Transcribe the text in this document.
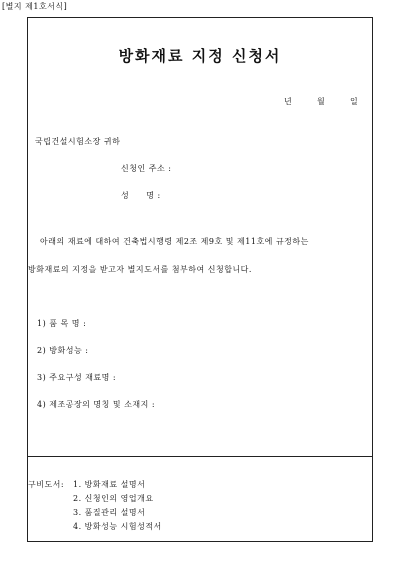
[별지 제1호서식]
방화재료 지정 신청서
년	월	일
국립건설시험소장 귀하
신청인 주소 :
성　　명 :
아래의 재료에 대하여 건축법시행령 제2조 제9호 및 제11호에 규정하는
방화재료의 지정을 받고자 별지도서를 첨부하여 신청합니다.
1) 품 목 명 :
2) 방화성능 :
3) 주요구성 재료명 :
4) 제조공장의 명칭 및 소재지 :
구비도서: 1. 방화재료 설명서
2. 신청인의 영업개요
3. 품질관리 설명서
4. 방화성능 시험성적서
